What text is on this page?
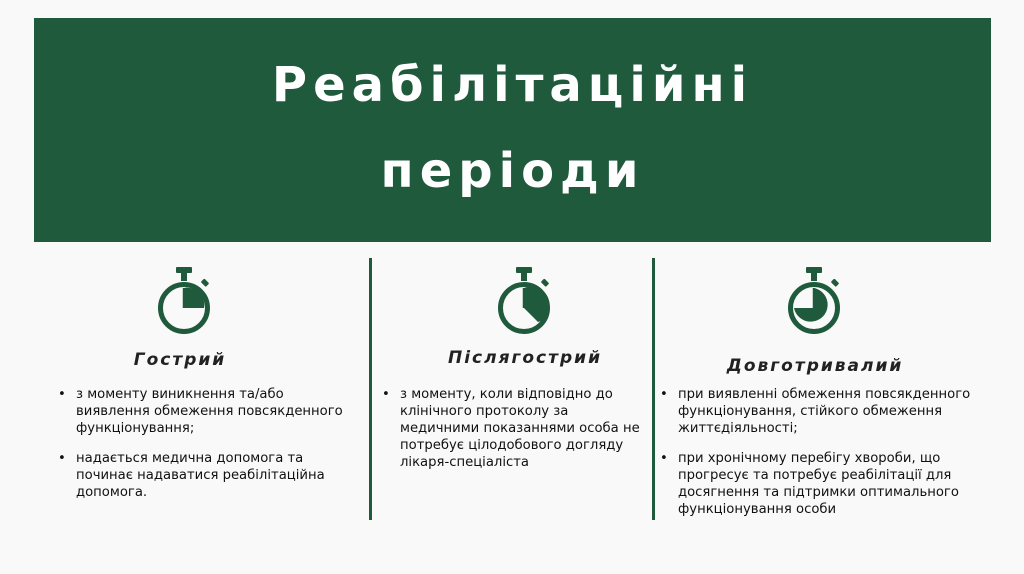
Реабілітаційні періоди
Гострий
• з моменту виникнення та/або виявлення обмеження повсякденного функціонування;
• надається медична допомога та починає надаватися реабілітаційна допомога.
Післягострий
• з моменту, коли відповідно до клінічного протоколу за медичними показаннями особа не потребує цілодобового догляду лікаря-спеціаліста
Довготривалий
• при виявленні обмеження повсякденного функціонування, стійкого обмеження життєдіяльності;
• при хронічному перебігу хвороби, що прогресує та потребує реабілітації для досягнення та підтримки оптимального функціонування особи
